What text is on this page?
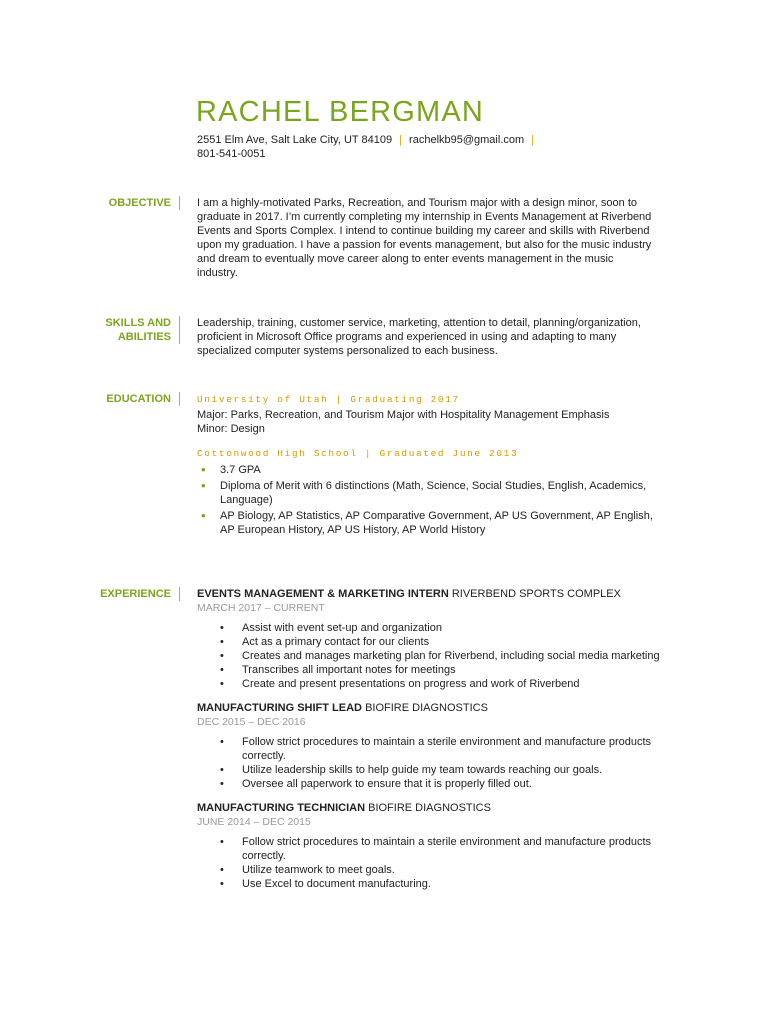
RACHEL BERGMAN
2551 Elm Ave, Salt Lake City, UT 84109 | rachelkb95@gmail.com |
801-541-0051
OBJECTIVE	I am a highly-motivated Parks, Recreation, and Tourism major with a design minor, soon to graduate in 2017. I’m currently completing my internship in Events Management at Riverbend Events and Sports Complex. I intend to continue building my career and skills with Riverbend upon my graduation. I have a passion for events management, but also for the music industry and dream to eventually move career along to enter events management in the music industry.
SKILLS AND
ABILITIES
Leadership, training, customer service, marketing, attention to detail, planning/organization, proficient in Microsoft Office programs and experienced in using and adapting to many specialized computer systems personalized to each business.
EDUCATION	University of Utah | Graduating 2017
Major: Parks, Recreation, and Tourism Major with Hospitality Management Emphasis
Minor: Design
Cottonwood High School | Graduated June 2013
• 3.7 GPA
• Diploma of Merit with 6 distinctions (Math, Science, Social Studies, English, Academics, Language)
• AP Biology, AP Statistics, AP Comparative Government, AP US Government, AP English, AP European History, AP US History, AP World History
EXPERIENCE	EVENTS MANAGEMENT & MARKETING INTERN RIVERBEND SPORTS COMPLEX
MARCH 2017 – CURRENT
• Assist with event set-up and organization
• Act as a primary contact for our clients
• Creates and manages marketing plan for Riverbend, including social media marketing
• Transcribes all important notes for meetings
• Create and present presentations on progress and work of Riverbend
MANUFACTURING SHIFT LEAD BIOFIRE DIAGNOSTICS
DEC 2015 – DEC 2016
• Follow strict procedures to maintain a sterile environment and manufacture products correctly.
• Utilize leadership skills to help guide my team towards reaching our goals.
• Oversee all paperwork to ensure that it is properly filled out.
MANUFACTURING TECHNICIAN BIOFIRE DIAGNOSTICS
JUNE 2014 – DEC 2015
• Follow strict procedures to maintain a sterile environment and manufacture products correctly.
• Utilize teamwork to meet goals.
• Use Excel to document manufacturing.
